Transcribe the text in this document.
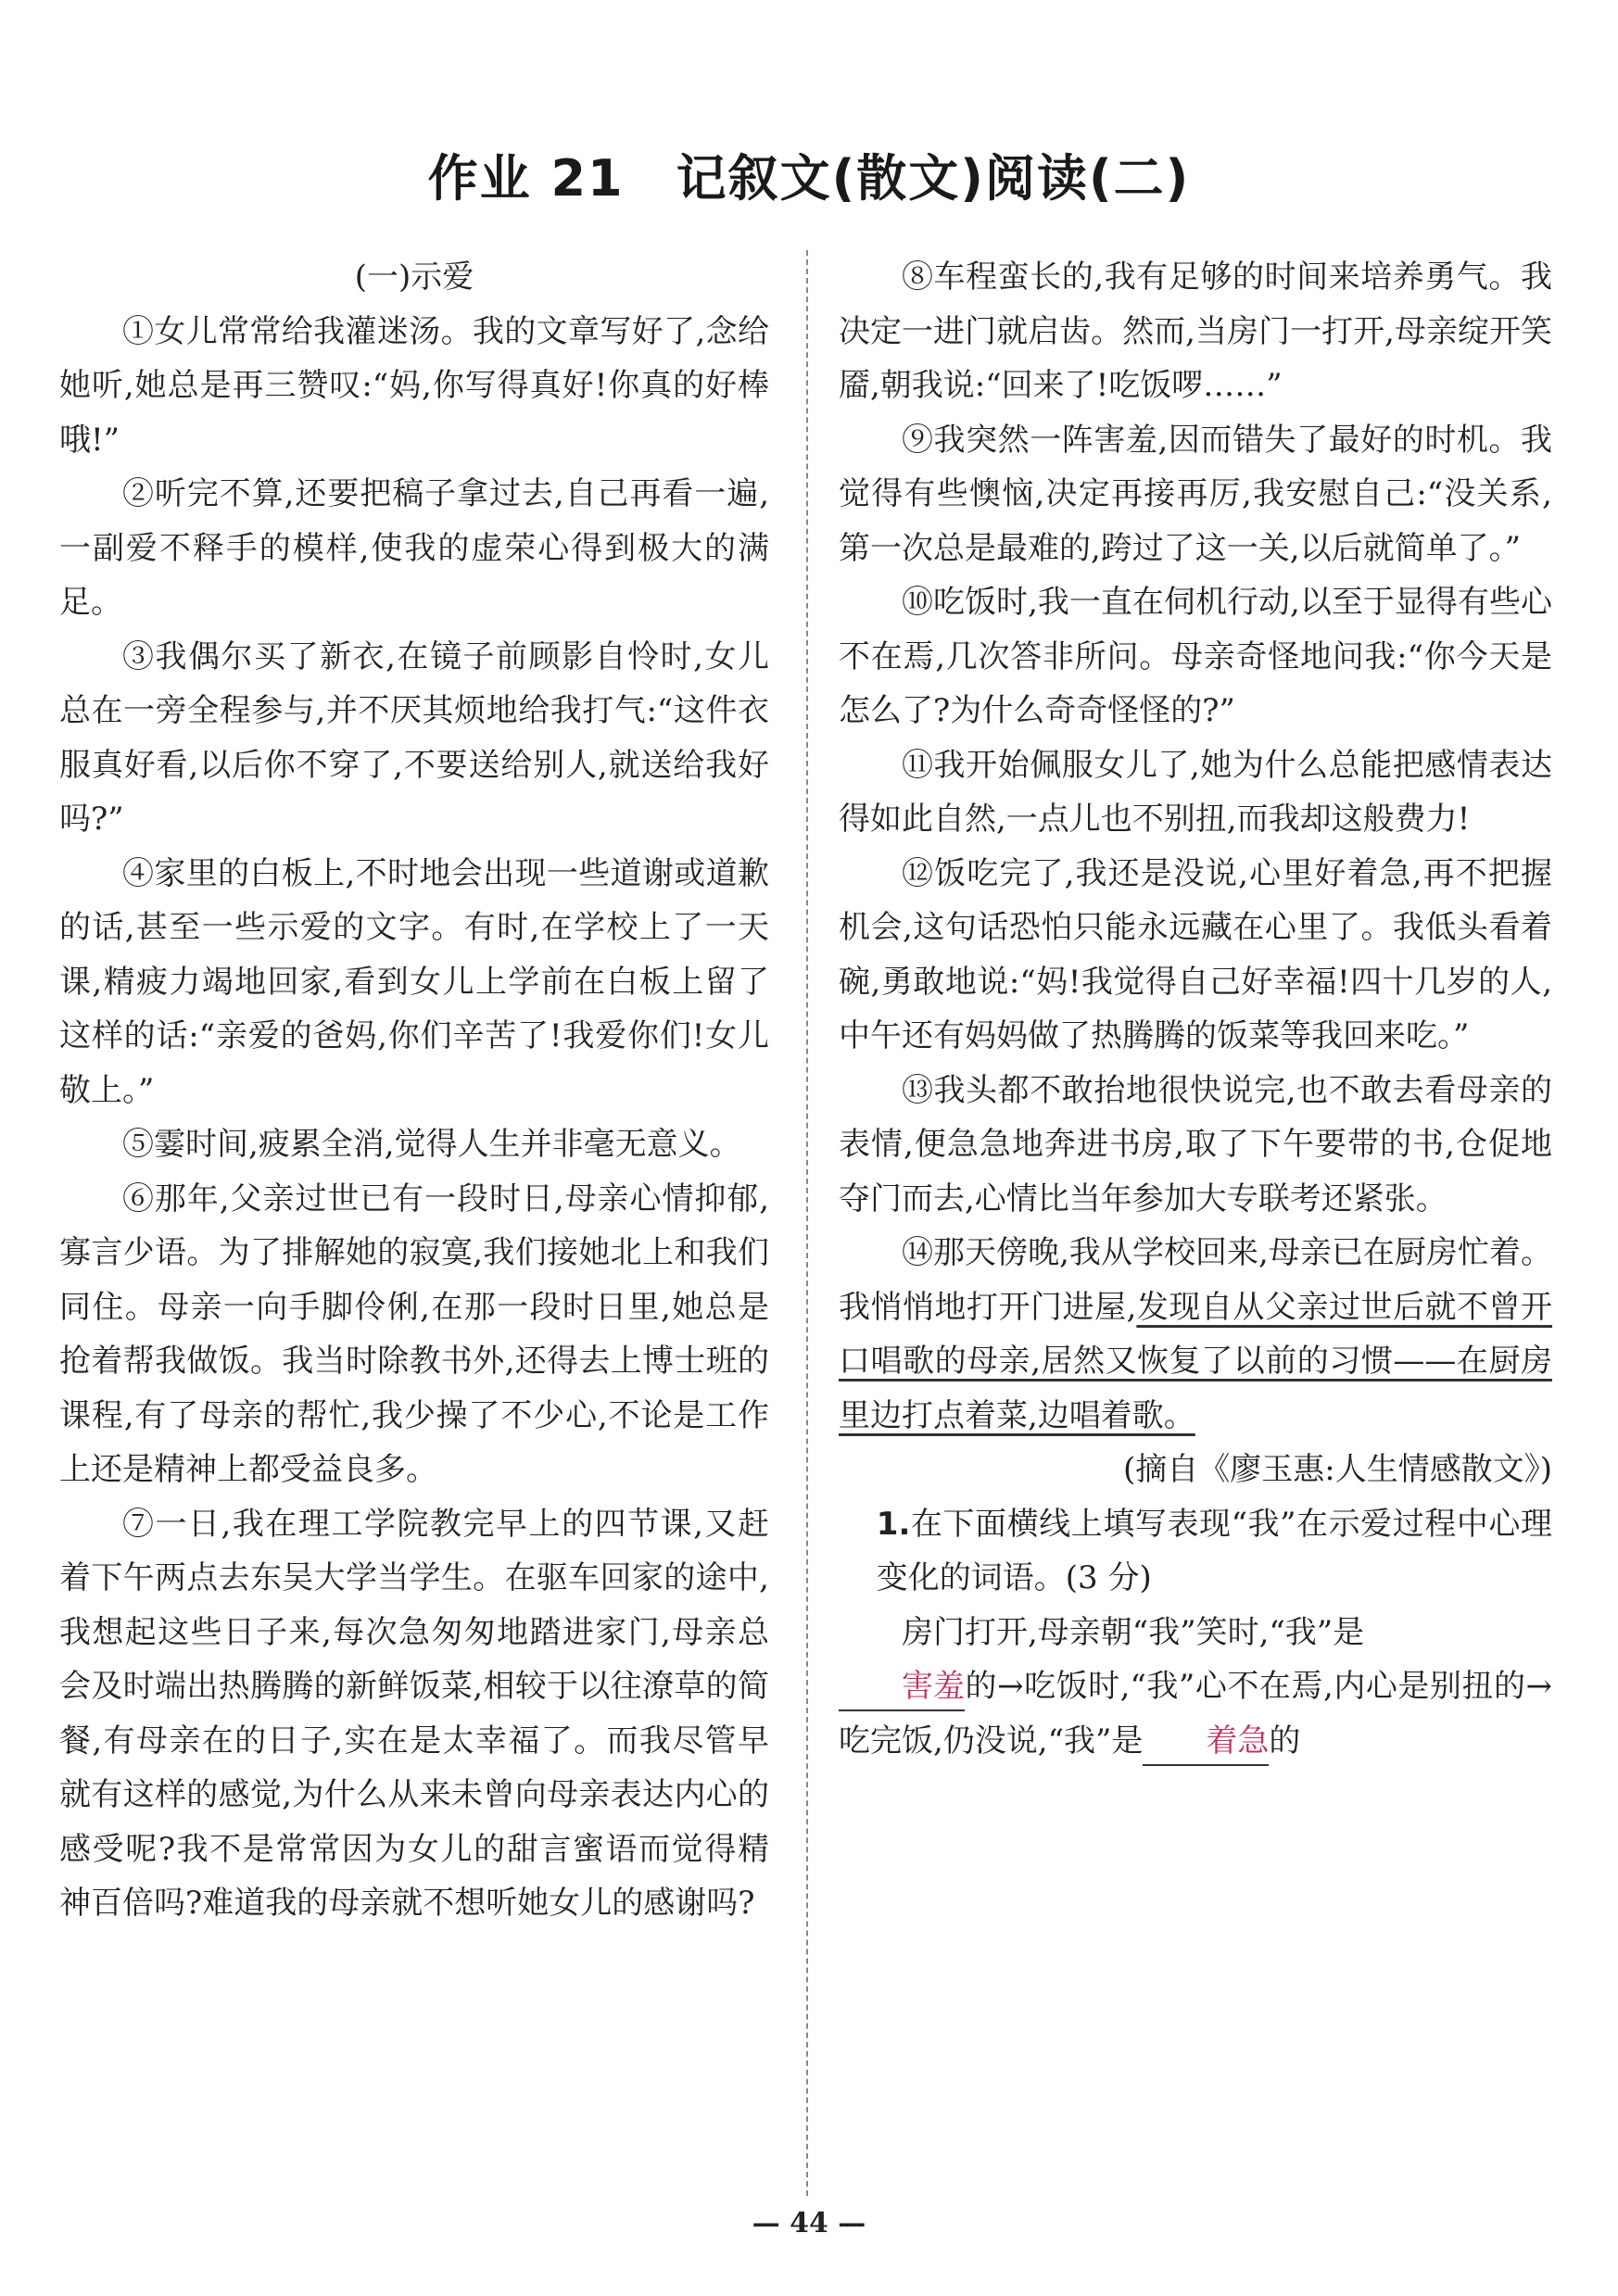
作业 21　记叙文(散文)阅读(二)
(一)示爱

①女儿常常给我灌迷汤。我的文章写好了,念给她听,她总是再三赞叹:“妈,你写得真好!你真的好棒哦!”

②听完不算,还要把稿子拿过去,自己再看一遍,一副爱不释手的模样,使我的虚荣心得到极大的满足。

③我偶尔买了新衣,在镜子前顾影自怜时,女儿总在一旁全程参与,并不厌其烦地给我打气:“这件衣服真好看,以后你不穿了,不要送给别人,就送给我好吗?”

④家里的白板上,不时地会出现一些道谢或道歉的话,甚至一些示爱的文字。有时,在学校上了一天课,精疲力竭地回家,看到女儿上学前在白板上留了这样的话:“亲爱的爸妈,你们辛苦了!我爱你们!女儿敬上。”

⑤霎时间,疲累全消,觉得人生并非毫无意义。

⑥那年,父亲过世已有一段时日,母亲心情抑郁,寡言少语。为了排解她的寂寞,我们接她北上和我们同住。母亲一向手脚伶俐,在那一段时日里,她总是抢着帮我做饭。我当时除教书外,还得去上博士班的课程,有了母亲的帮忙,我少操了不少心,不论是工作上还是精神上都受益良多。

⑦一日,我在理工学院教完早上的四节课,又赶着下午两点去东吴大学当学生。在驱车回家的途中,我想起这些日子来,每次急匆匆地踏进家门,母亲总会及时端出热腾腾的新鲜饭菜,相较于以往潦草的简餐,有母亲在的日子,实在是太幸福了。而我尽管早就有这样的感觉,为什么从来未曾向母亲表达内心的感受呢?我不是常常因为女儿的甜言蜜语而觉得精神百倍吗?难道我的母亲就不想听她女儿的感谢吗?

⑧车程蛮长的,我有足够的时间来培养勇气。我决定一进门就启齿。然而,当房门一打开,母亲绽开笑靥,朝我说:“回来了!吃饭啰……”

⑨我突然一阵害羞,因而错失了最好的时机。我觉得有些懊恼,决定再接再厉,我安慰自己:“没关系,第一次总是最难的,跨过了这一关,以后就简单了。”

⑩吃饭时,我一直在伺机行动,以至于显得有些心不在焉,几次答非所问。母亲奇怪地问我:“你今天是怎么了?为什么奇奇怪怪的?”

⑪我开始佩服女儿了,她为什么总能把感情表达得如此自然,一点儿也不别扭,而我却这般费力!

⑫饭吃完了,我还是没说,心里好着急,再不把握机会,这句话恐怕只能永远藏在心里了。我低头看着碗,勇敢地说:“妈!我觉得自己好幸福!四十几岁的人,中午还有妈妈做了热腾腾的饭菜等我回来吃。”

⑬我头都不敢抬地很快说完,也不敢去看母亲的表情,便急急地奔进书房,取了下午要带的书,仓促地夺门而去,心情比当年参加大专联考还紧张。

⑭那天傍晚,我从学校回来,母亲已在厨房忙着。我悄悄地打开门进屋,发现自从父亲过世后就不曾开口唱歌的母亲,居然又恢复了以前的习惯——在厨房里边打点着菜,边唱着歌。

(摘自《廖玉惠:人生情感散文》)

1.在下面横线上填写表现“我”在示爱过程中心理变化的词语。(3 分)

房门打开,母亲朝“我”笑时,“我”是
害羞的→吃饭时,“我”心不在焉,内心是别扭的→吃完饭,仍没说,“我”是 着急的

— 44 —
